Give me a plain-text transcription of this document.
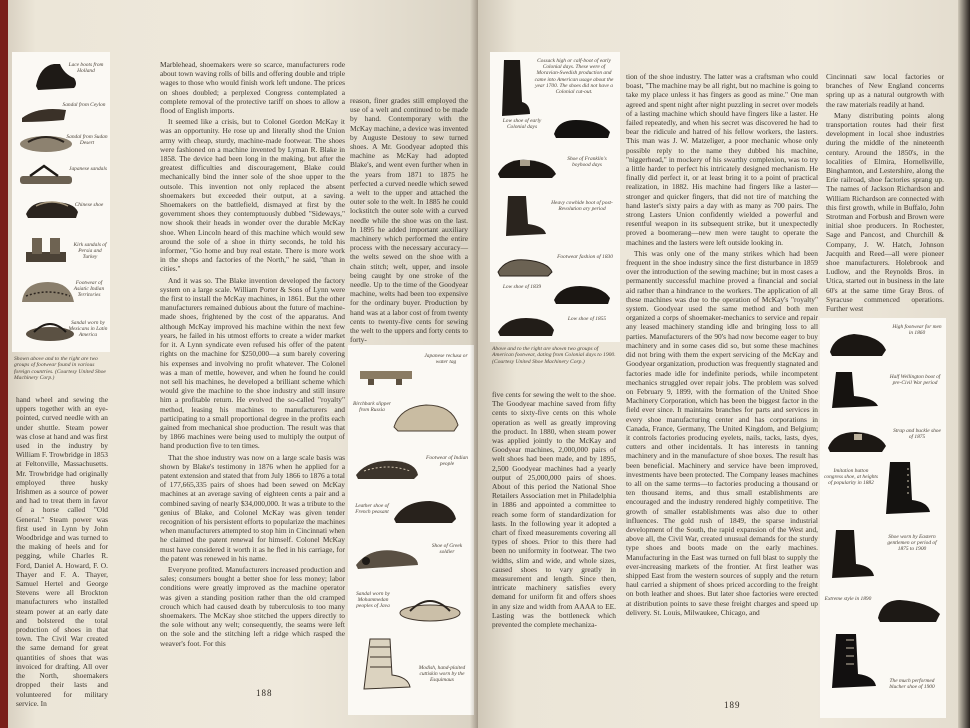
Lace boots from Holland
Sandal from Ceylon
Sandal from Sudan Desert
Japanese sandals
Chinese shoe
Kirk sandals of Persia and Turkey
Footwear of Asiatic Indian Territories
Sandal worn by Mexicans in Latin America
Shown above and to the right are two groups of footwear found in various foreign countries. (Courtesy United Shoe Machinery Corp.)

hand wheel and sewing the uppers together with an eye-pointed, curved needle with an under shuttle. Steam power was close at hand and was first used in the industry by William F. Trowbridge in 1853 at Feltonville, Massachusetts. Mr. Trowbridge had originally employed three husky Irishmen as a source of power and had to treat them in favor of a horse called "Old General." Steam power was first used in Lynn by John Woodbridge and was turned to the making of heels and for pegging, while Charles R. Ford, Daniel A. Howard, F. O. Thayer and F. A. Thayer, Samuel Hertel and George Stevens were all Brockton manufacturers who installed steam power at an early date and bolstered the total production of shoes in that town. The Civil War created the same demand for great quantities of shoes that was invoiced for drafting. All over the North, shoemakers dropped their lasts and volunteered for military service. In

Marblehead, shoemakers were so scarce, manufacturers rode about town waving rolls of bills and offering double and triple wages to those who would finish work left undone. The prices on shoes doubled; a perplexed Congress contemplated a complete removal of the protective tariff on shoes to allow a flood of English imports.

It seemed like a crisis, but to Colonel Gordon McKay it was an opportunity. He rose up and literally shod the Union army with cheap, sturdy, machine-made footwear. The shoes were fashioned on a machine invented by Lyman R. Blake in 1858. The device had been long in the making, but after the greatest difficulties and discouragement, Blake could mechanically bind the inner sole of the shoe upper to the outsole. This invention not only replaced the absent shoemakers but exceeded their output, at a saving. Shoemakers on the battlefield, dismayed at first by the government shoes they contemptuously dubbed "Sideways," now shook their heads in wonder over the durable McKay shoe. When Lincoln heard of this machine which would sew around the sole of a shoe in thirty seconds, he told his informer, "Go home and buy real estate. There is more work in the shops and factories of the North," he said, "than in cities."

And it was so. The Blake invention developed the factory system on a large scale. William Porter & Sons of Lynn were the first to install the McKay machines, in 1861. But the other manufacturers remained dubious about the future of machine-made shoes, frightened by the cost of the apparatus. And although McKay improved his machine within the next few years, he failed in his utmost efforts to create a wider market for it. A Lynn syndicate even refused his offer of the patent rights on the machine for $250,000—a sum barely covering his expenses and involving no profit whatever. The Colonel was a man of mettle, however, and when he found he could not sell his machines, he developed a brilliant scheme which would give the machine to the shoe industry and still insure him a profitable return. He evolved the so-called "royalty" method, leasing his machines to manufacturers and participating to a small proportional degree in the profits each gained from mechanical shoe production. The result was that by 1866 machines were being used to multiply the output of hand production five to ten times.

That the shoe industry was now on a large scale basis was shown by Blake's testimony in 1876 when he applied for a patent extension and stated that from July 1866 to 1876 a total of 177,665,335 pairs of shoes had been sewed on McKay machines at an average saving of eighteen cents a pair and a combined saving of nearly $34,000,000. It was a tribute to the genius of Blake, and Colonel McKay was given tender recognition of his persistent efforts to popularize the machines when manufacturers attempted to stop him in Cincinnati when he claimed the patent renewal for himself. Colonel McKay must have considered it worth it as he fled in his carriage, for the patent was renewed in his name.

Everyone profited. Manufacturers increased production and sales; consumers bought a better shoe for less money; labor conditions were greatly improved as the machine operator was given a standing position rather than the old cramped crouch which had caused death by tuberculosis to too many shoemakers. The McKay shoe stitched the uppers directly to the sole without any welt; consequently, the seams were left on the sole and the stitching left a ridge which rasped the weaver's foot. For this

reason, finer grades still employed the use of a welt and continued to be made by hand. Contemporary with the McKay machine, a device was invented by Auguste Destouy to sew turned shoes. A Mr. Goodyear adopted this machine as McKay had adopted Blake's, and went even further when in the years from 1871 to 1875 he perfected a curved needle which sewed a welt to the upper and attached the outer sole to the welt. In 1885 he could lockstitch the outer sole with a curved needle while the shoe was on the last. In 1895 he added important auxiliary machinery which performed the entire process with the necessary accuracy—the welts sewed on the shoe with a chain stitch; welt, upper, and insole being caught by one stroke of the needle. Up to the time of the Goodyear machine, welts had been too expensive for the ordinary buyer. Production by hand was at a labor cost of from twenty cents to twenty-five cents for sewing the welt to the uppers and forty cents to forty-

Japanese reclusa or water tag
Birchbark slipper from Russia
Footwear of Indian people
Leather shoe of French peasant
Shoe of Greek soldier
Sandal worn by Mohammedan peoples of Java
Modish, hand-plaited cuttiskin worn by the Esquimaux
188
Cossack high or calf-boot of early Colonial days. These were of Moravian-Swedish production and came into American usage about the year 1700. The shoes did not have a Colonial cut-out.
Low shoe of early Colonial days
Shoe of Franklin's boyhood days
Heavy cowhide boot of post-Revolution ary period
Footwear fashion of 1830
Low shoe of 1839
Low shoe of 1855
Above and to the right are shown two groups of American footwear, dating from Colonial days to 1900. (Courtesy United Shoe Machinery Corp.)

five cents for sewing the welt to the shoe. The Goodyear machine saved from fifty cents to sixty-five cents on this whole operation as well as greatly improving the product. In 1880, when steam power was applied jointly to the McKay and Goodyear machines, 2,000,000 pairs of welt shoes had been made, and by 1895, 2,500 Goodyear machines had a yearly output of 25,000,000 pairs of shoes. About of this period the National Shoe Retailers Association met in Philadelphia in 1886 and appointed a committee to reach some form of standardization for lasts. In the following year it adopted a chart of fixed measurements covering all types of shoes. Prior to this there had been no uniformity in footwear. The two widths, slim and wide, and whole sizes, caused shoes to vary greatly in measurement and length. Since then, intricate machinery satisfies every demand for uniform fit and offers shoes in any size and width from AAAA to EE. Lasting was the bottleneck which prevented the complete mechaniza-

tion of the shoe industry. The latter was a craftsman who could boast, "The machine may be all right, but no machine is going to take my place unless it has fingers as good as mine." One man agreed and spent night after night puzzling in secret over models of a lasting machine which should have fingers like a laster. He failed repeatedly, and when his secret was discovered he had to bear the ridicule and hatred of his fellow workers, the lasters. This man was J. W. Matzeliger, a poor mechanic whose only possible reply to the name they dubbed his machine, "niggerhead," in mockery of his swarthy complexion, was to try a little harder to perfect his intricately designed mechanism. He finally did perfect it, or at least bring it to a point of practical realization, in 1882. His machine had fingers like a laster—stronger and quicker fingers, that did not tire of matching the hand laster's sixty pairs a day with as many as 700 pairs. The strong Lasters Union confidently wielded a powerful and resentful weapon in its subsequent strike, but it unexpectedly proved a boomerang—new men were taught to operate the machines and the lasters were left outside looking in.

This was only one of the many strikes which had been frequent in the shoe industry since the first disturbance in 1859 over the introduction of the sewing machine; but in most cases a permanently successful machine proved a financial and social aid rather than a hindrance to the workers. The application of all these machines was due to the operation of McKay's "royalty" system. Goodyear used the same method and both men organized a corps of shoemaker-mechanics to service and repair any leased machinery standing idle and bringing loss to all parties. Manufacturers of the 90's had now become eager to buy machinery and in some cases did so, but some these machines did not bring with them the expert servicing of the McKay and Goodyear organization, production was frequently stagnated and factories made idle for indefinite periods, while incompetent mechanics struggled over repair jobs. The problem was solved on February 9, 1899, with the formation of the United Shoe Machinery Corporation, which has been the biggest factor in the field ever since. It maintains branches for parts and services in every shoe manufacturing center and has corporations in Canada, France, Germany, The United Kingdom, and Belgium; it controls factories producing eyelets, nails, tacks, lasts, dyes, cutters and other incidentals. It has interests in tanning machinery and in the manufacture of shoe boxes. The result has been beneficial. Machinery and service have been improved, investments have been protected. The Company leases machines to all on the same terms—to factories producing a thousand or ten thousand items, and thus small establishments are encouraged and the industry rendered highly competitive. The growth of smaller establishments was also due to other influences. The gold rush of 1849, the sparse industrial development of the South, the rapid expansion of the West and, above all, the Civil War, created unusual demands for the sturdy type shoes and boots made on the early machines. Manufacturing in the East was turned on full blast to supply the ever-increasing markets of the frontier. At first leather was shipped East from the western sources of supply and the return haul carried a shipment of shoes priced according to the freight on both leather and shoes. But later shoe factories were erected at distribution points to save these freight charges and speed up delivery. St. Louis, Milwaukee, Chicago, and

Cincinnati saw local factories or branches of New England concerns spring up as a natural outgrowth with the raw materials readily at hand.

Many distributing points along transportation routes had their first development in local shoe industries during the middle of the nineteenth century. Around the 1850's, in the localities of Elmira, Hornellsville, Binghamton, and Lestershire, along the Erie railroad, shoe factories sprang up. The names of Jackson Richardson and William Richardson are connected with this first growth, while in Buffalo, John Strotman and Forbush and Brown were initial shoe producers. In Rochester, Sage and Pancost, and Churchill & Company, J. W. Hatch, Johnson Jacquith and Reed—all were pioneer shoe manufacturers. Holebrook and Ludlow, and the Reynolds Bros. in Utica, started out in business in the late 60's at the same time Gray Bros. of Syracuse commenced operations. Further west

High footwear for men in 1860
Half Wellington boot of pre-Civil War period
Strap and buckle shoe of 1875
Imitation button congress shoe, at heights of popularity in 1882
Shoe worn by Eastern gentlemen or period of 1875 to 1900
Extreme style in 1890
The much performed blucher shoe of 1900
189
